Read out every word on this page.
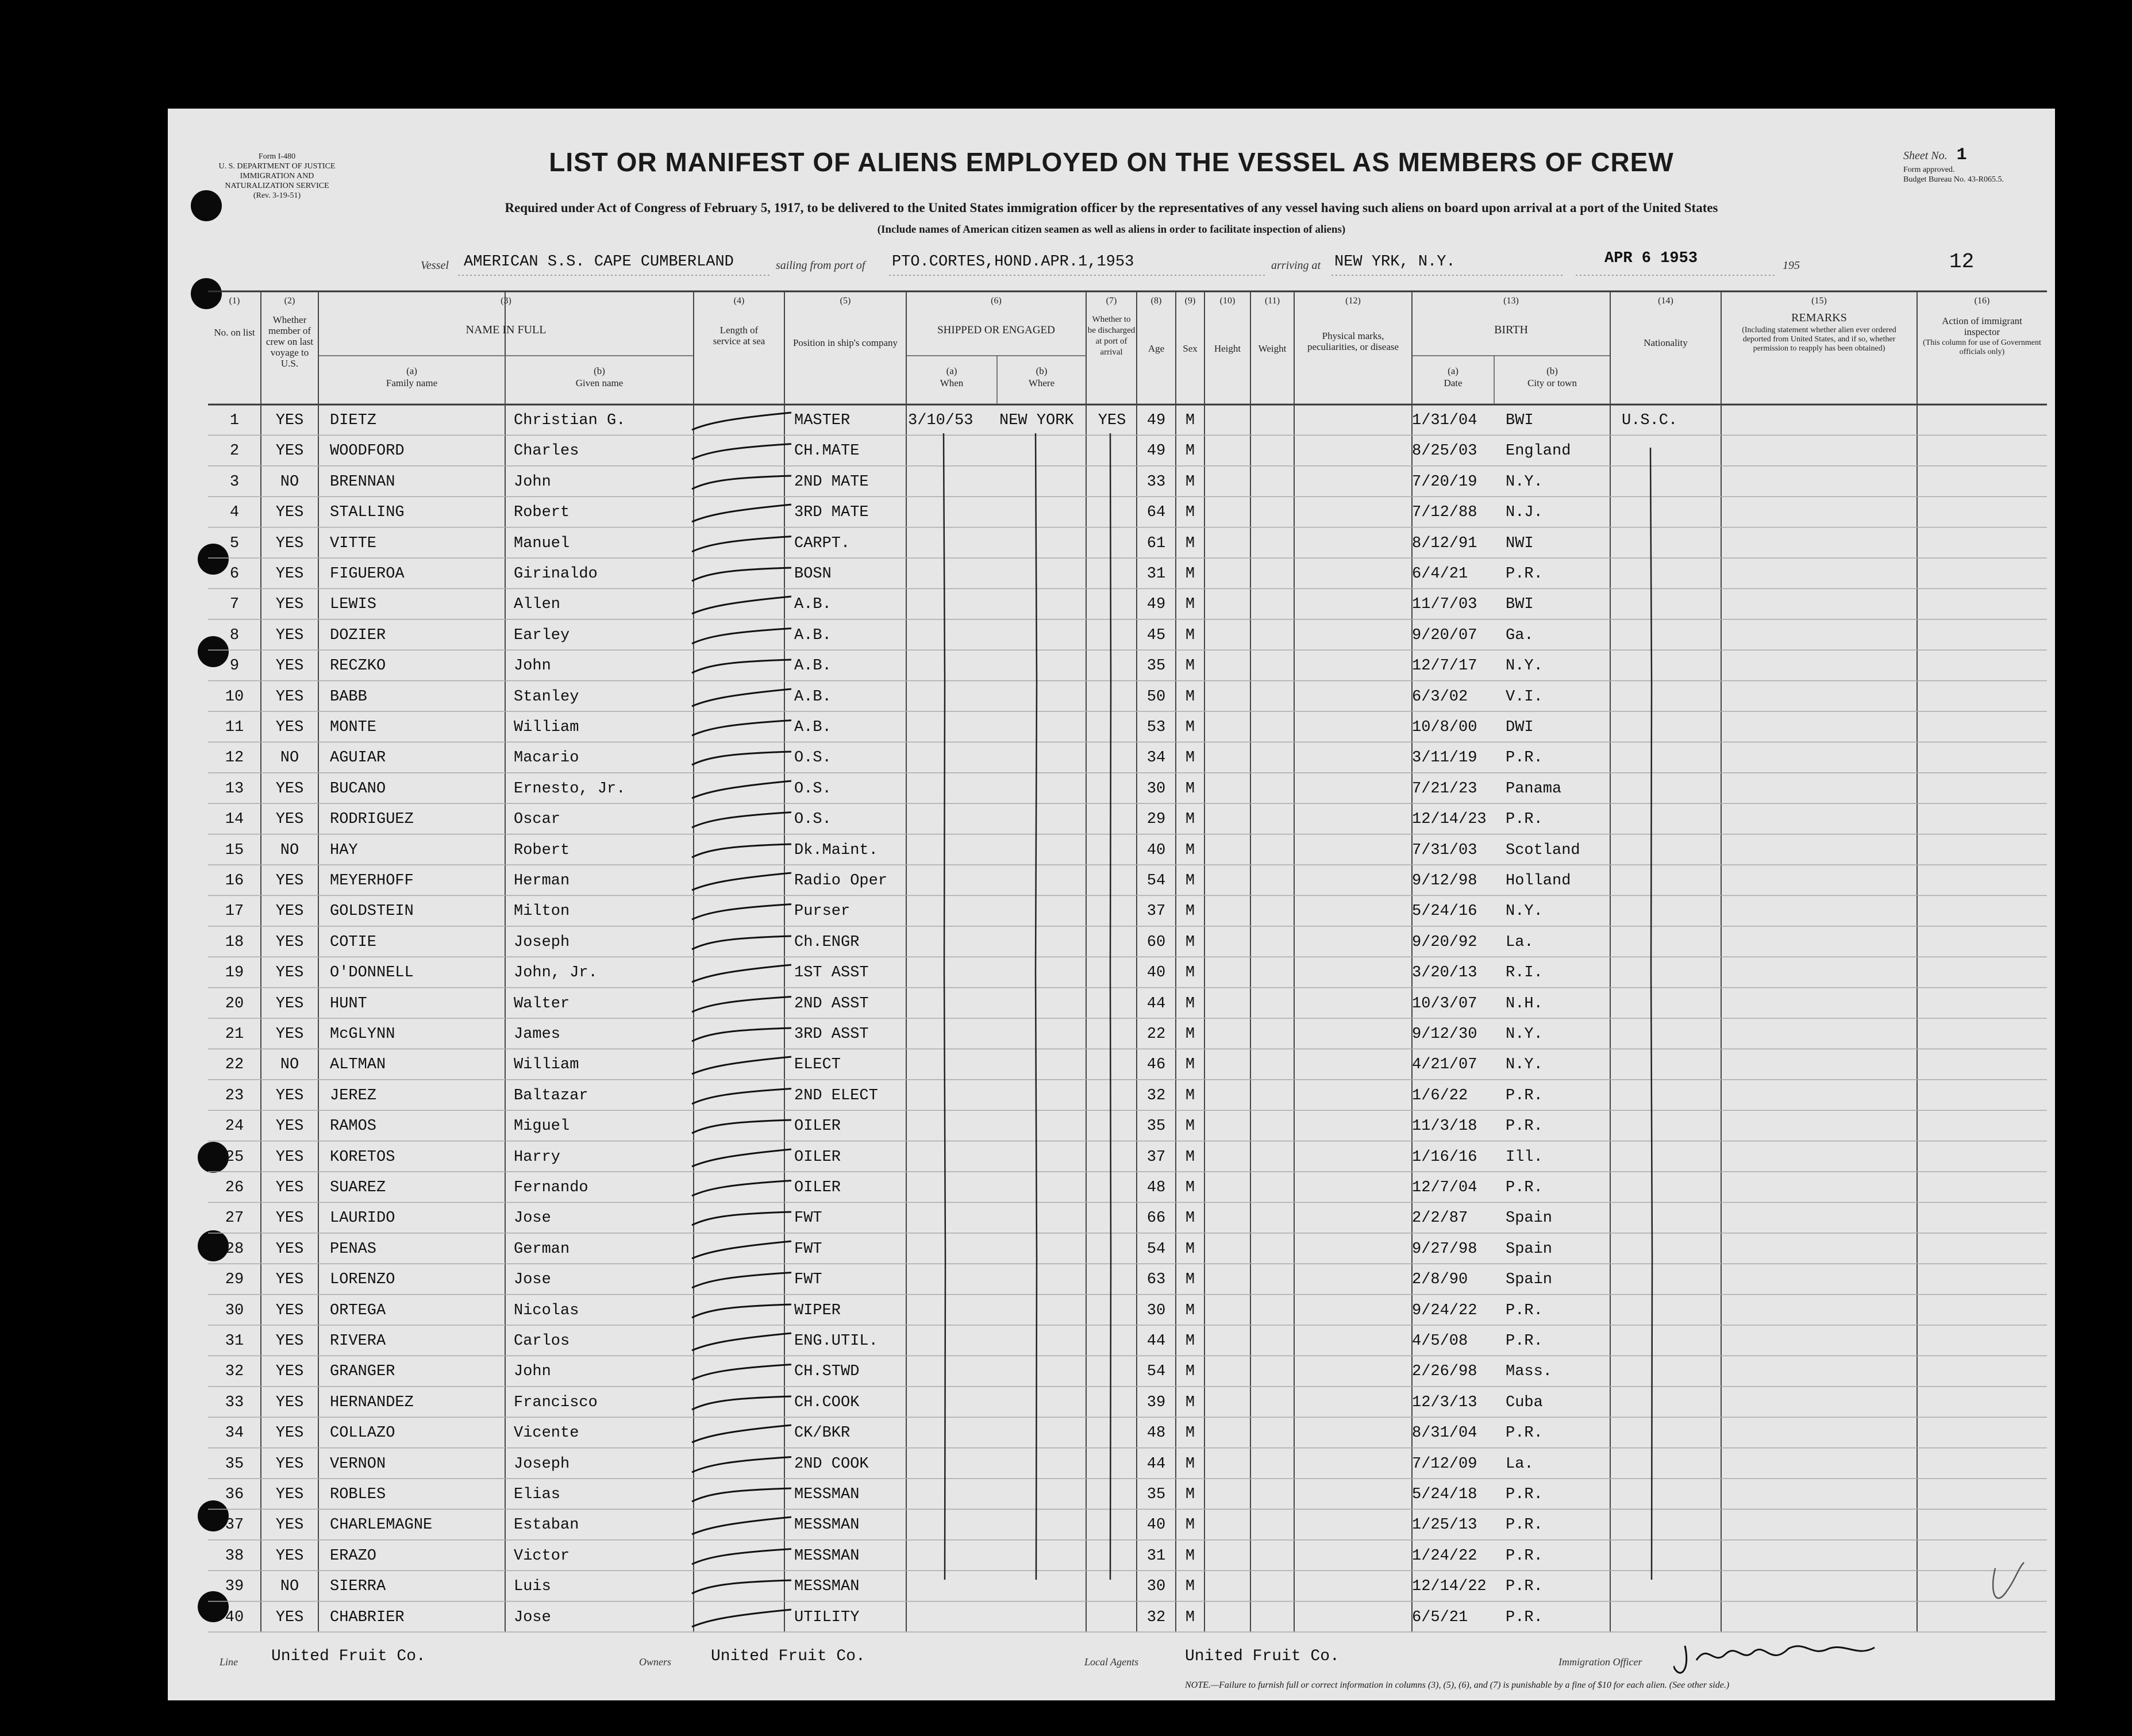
Form I-480
U. S. DEPARTMENT OF JUSTICE
IMMIGRATION AND NATURALIZATION SERVICE
(Rev. 3-19-51)
Sheet No. 1
Form approved.
Budget Bureau No. 43-R065.5.
LIST OR MANIFEST OF ALIENS EMPLOYED ON THE VESSEL AS MEMBERS OF CREW
Required under Act of Congress of February 5, 1917, to be delivered to the United States immigration officer by the representatives of any vessel having such aliens on board upon arrival at a port of the United States
(Include names of American citizen seamen as well as aliens in order to facilitate inspection of aliens)
Vessel AMERICAN S.S. CAPE CUMBERLAND	sailing from port of PTO.CORTES,HOND.APR.1,1953	arriving at NEW YRK, N.Y.	APR 6 1953	195	12
(1)
No. on list
(2)
Whether member of crew on last voyage to U.S.
(3)
NAME IN FULL
(a)
Family name
(b)
Given name
(4)
Length of service at sea
(5)
Position in ship's company
(6)
SHIPPED OR ENGAGED
(a)
When
(b)
Where
(7)
Whether to be discharged at port of arrival
(8)
Age
(9)
Sex
(10)
Height
(11)
Weight
(12)
Physical marks, peculiarities, or disease
(13)
BIRTH
(a)
Date
(b)
City or town
(14)
Nationality
(15)
REMARKS
(Including statement whether alien ever ordered deported from United States, and if so, whether permission to reapply has been obtained)
(16)
Action of immigrant inspector
(This column for use of Government officials only)
1	YES	DIETZ	Christian G.	MASTER	3/10/53	NEW YORK	YES	49	M	1/31/04	BWI	U.S.C.
2	YES	WOODFORD	Charles	CH.MATE	49	M	8/25/03	England
3	NO	BRENNAN	John	2ND MATE	33	M	7/20/19	N.Y.
4	YES	STALLING	Robert	3RD MATE	64	M	7/12/88	N.J.
5	YES	VITTE	Manuel	CARPT.	61	M	8/12/91	NWI
6	YES	FIGUEROA	Girinaldo	BOSN	31	M	6/4/21	P.R.
7	YES	LEWIS	Allen	A.B.	49	M	11/7/03	BWI
8	YES	DOZIER	Earley	A.B.	45	M	9/20/07	Ga.
9	YES	RECZKO	John	A.B.	35	M	12/7/17	N.Y.
10	YES	BABB	Stanley	A.B.	50	M	6/3/02	V.I.
11	YES	MONTE	William	A.B.	53	M	10/8/00	DWI
12	NO	AGUIAR	Macario	O.S.	34	M	3/11/19	P.R.
13	YES	BUCANO	Ernesto, Jr.	O.S.	30	M	7/21/23	Panama
14	YES	RODRIGUEZ	Oscar	O.S.	29	M	12/14/23	P.R.
15	NO	HAY	Robert	Dk.Maint.	40	M	7/31/03	Scotland
16	YES	MEYERHOFF	Herman	Radio Oper	54	M	9/12/98	Holland
17	YES	GOLDSTEIN	Milton	Purser	37	M	5/24/16	N.Y.
18	YES	COTIE	Joseph	Ch.ENGR	60	M	9/20/92	La.
19	YES	O'DONNELL	John, Jr.	1ST ASST	40	M	3/20/13	R.I.
20	YES	HUNT	Walter	2ND ASST	44	M	10/3/07	N.H.
21	YES	McGLYNN	James	3RD ASST	22	M	9/12/30	N.Y.
22	NO	ALTMAN	William	ELECT	46	M	4/21/07	N.Y.
23	YES	JEREZ	Baltazar	2ND ELECT	32	M	1/6/22	P.R.
24	YES	RAMOS	Miguel	OILER	35	M	11/3/18	P.R.
25	YES	KORETOS	Harry	OILER	37	M	1/16/16	Ill.
26	YES	SUAREZ	Fernando	OILER	48	M	12/7/04	P.R.
27	YES	LAURIDO	Jose	FWT	66	M	2/2/87	Spain
28	YES	PENAS	German	FWT	54	M	9/27/98	Spain
29	YES	LORENZO	Jose	FWT	63	M	2/8/90	Spain
30	YES	ORTEGA	Nicolas	WIPER	30	M	9/24/22	P.R.
31	YES	RIVERA	Carlos	ENG.UTIL.	44	M	4/5/08	P.R.
32	YES	GRANGER	John	CH.STWD	54	M	2/26/98	Mass.
33	YES	HERNANDEZ	Francisco	CH.COOK	39	M	12/3/13	Cuba
34	YES	COLLAZO	Vicente	CK/BKR	48	M	8/31/04	P.R.
35	YES	VERNON	Joseph	2ND COOK	44	M	7/12/09	La.
36	YES	ROBLES	Elias	MESSMAN	35	M	5/24/18	P.R.
37	YES	CHARLEMAGNE	Estaban	MESSMAN	40	M	1/25/13	P.R.
38	YES	ERAZO	Victor	MESSMAN	31	M	1/24/22	P.R.
39	NO	SIERRA	Luis	MESSMAN	30	M	12/14/22	P.R.
40	YES	CHABRIER	Jose	UTILITY	32	M	6/5/21	P.R.
Line United Fruit Co.	Owners United Fruit Co.	Local Agents	United Fruit Co.	Immigration Officer
NOTE.—Failure to furnish full or correct information in columns (3), (5), (6), and (7) is punishable by a fine of $10 for each alien. (See other side.)
